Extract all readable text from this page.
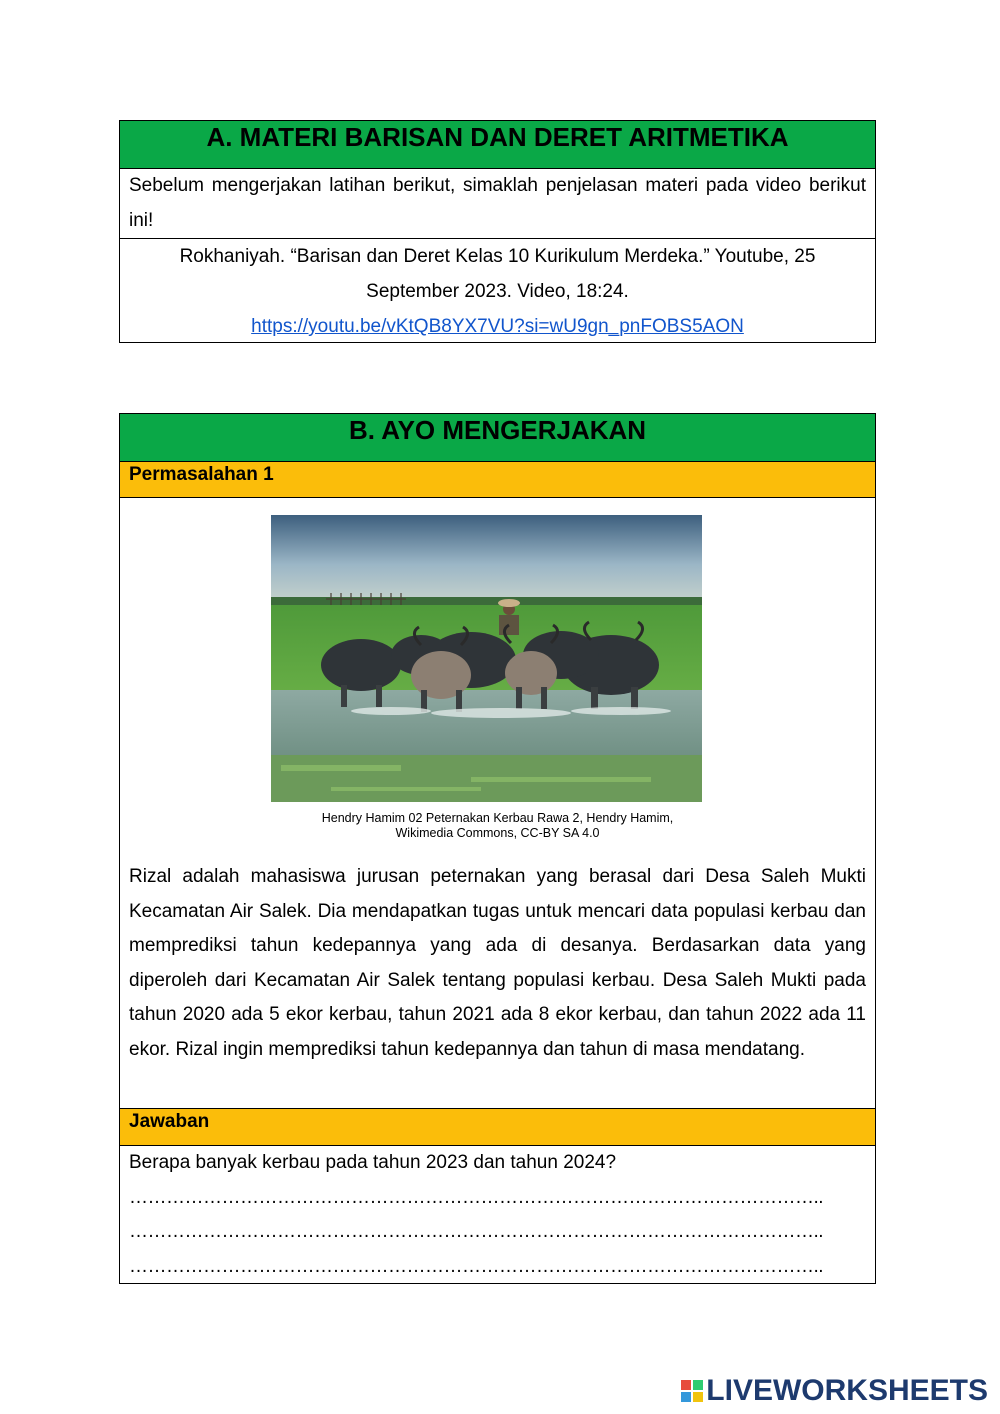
A. MATERI BARISAN DAN DERET ARITMETIKA
Sebelum mengerjakan latihan berikut, simaklah penjelasan materi pada video berikut ini!
Rokhaniyah. “Barisan dan Deret Kelas 10 Kurikulum Merdeka.” Youtube, 25
September 2023. Video, 18:24.
https://youtu.be/vKtQB8YX7VU?si=wU9gn_pnFOBS5AON
B. AYO MENGERJAKAN
Permasalahan 1
Hendry Hamim 02 Peternakan Kerbau Rawa 2, Hendry Hamim,
Wikimedia Commons, CC-BY SA 4.0
Rizal adalah mahasiswa jurusan peternakan yang berasal dari Desa Saleh Mukti Kecamatan Air Salek. Dia mendapatkan tugas untuk mencari data populasi kerbau dan memprediksi tahun kedepannya yang ada di desanya. Berdasarkan data yang diperoleh dari Kecamatan Air Salek tentang populasi kerbau. Desa Saleh Mukti pada tahun 2020 ada 5 ekor kerbau, tahun 2021 ada 8 ekor kerbau, dan tahun 2022 ada 11 ekor. Rizal ingin memprediksi tahun kedepannya dan tahun di masa mendatang.
Jawaban
Berapa banyak kerbau pada tahun 2023 dan tahun 2024?
…………………………………………………………………………………………………..
…………………………………………………………………………………………………..
…………………………………………………………………………………………………..
LIVEWORKSHEETS
